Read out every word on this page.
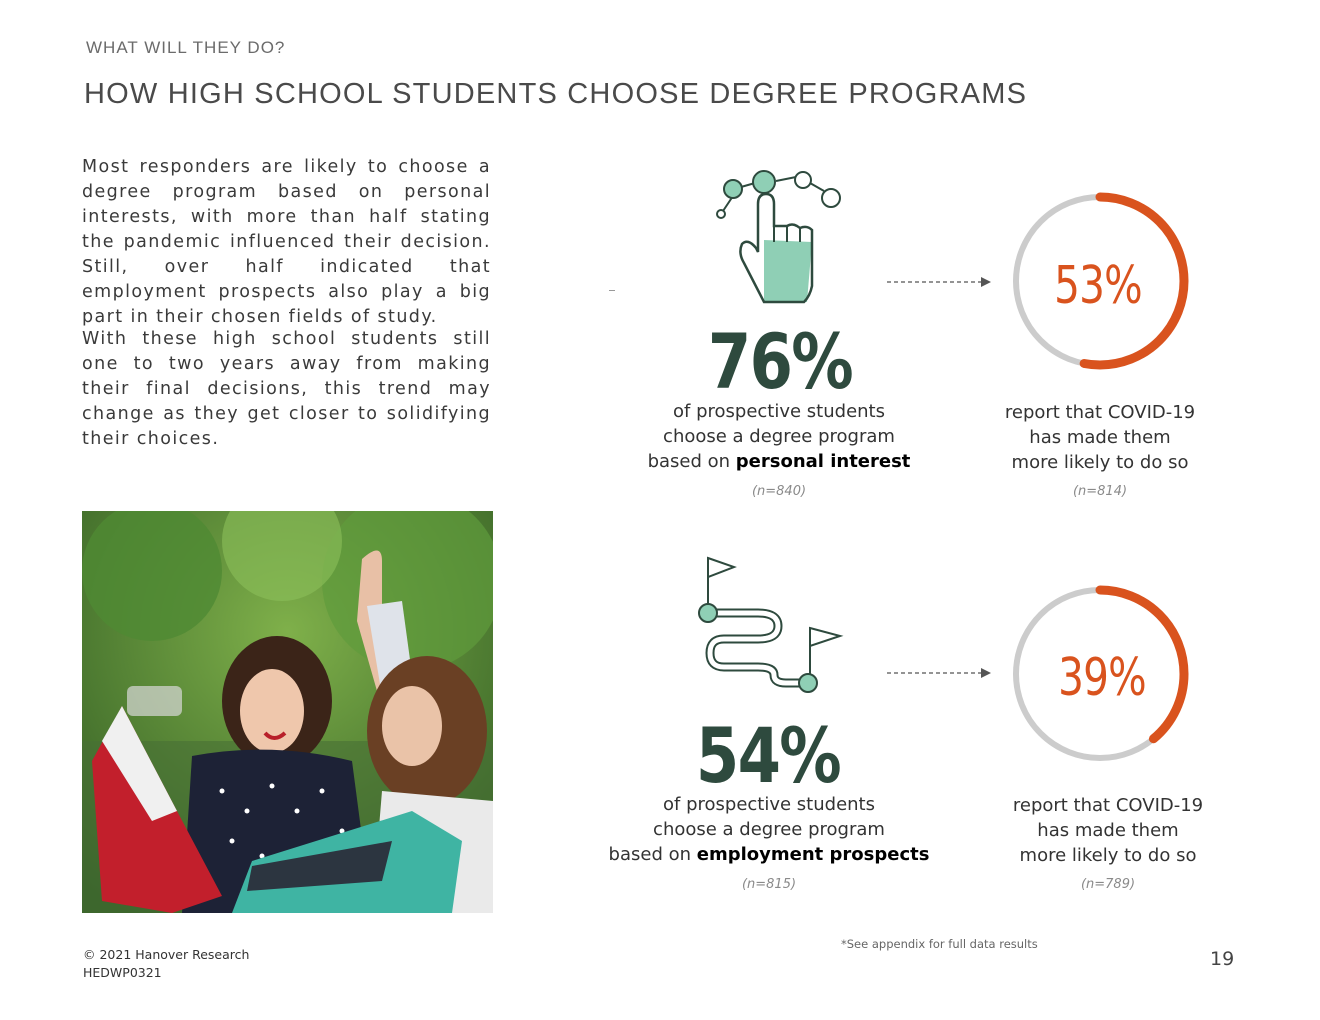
WHAT WILL THEY DO?
HOW HIGH SCHOOL STUDENTS CHOOSE DEGREE PROGRAMS
Most responders are likely to choose a degree program based on personal interests, with more than half stating the pandemic influenced their decision. Still, over half indicated that employment prospects also play a big part in their chosen fields of study.
With these high school students still one to two years away from making their final decisions, this trend may change as they get closer to solidifying their choices.
76%
of prospective students
choose a degree program
based on personal interest
(n=840)
53%
report that COVID-19
has made them
more likely to do so
(n=814)
54%
of prospective students
choose a degree program
based on employment prospects
(n=815)
39%
report that COVID-19
has made them
more likely to do so
(n=789)
*See appendix for full data results
© 2021 Hanover Research
HEDWP0321
19
